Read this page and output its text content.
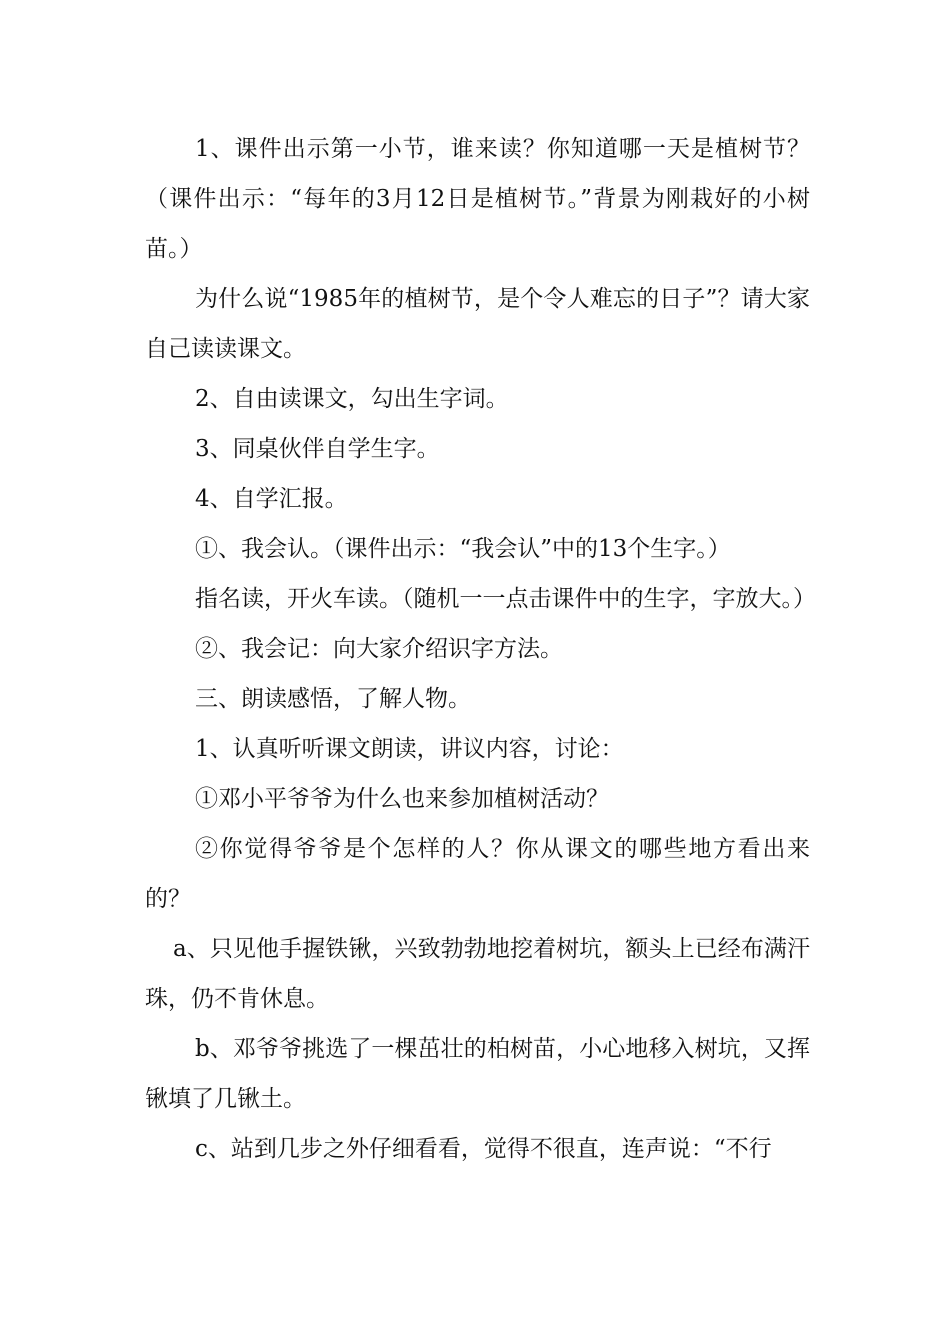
1、课件出示第一小节，谁来读？你知道哪一天是植树节？（课件出示：“每年的3月12日是植树节。”背景为刚栽好的小树苗。）

为什么说“1985年的植树节，是个令人难忘的日子”？请大家自己读读课文。

2、自由读课文，勾出生字词。

3、同桌伙伴自学生字。

4、自学汇报。

①、我会认。（课件出示：“我会认”中的13个生字。）

指名读，开火车读。（随机一一点击课件中的生字，字放大。）

②、我会记：向大家介绍识字方法。

三、朗读感悟，了解人物。

1、认真听听课文朗读，讲议内容，讨论：

①邓小平爷爷为什么也来参加植树活动？

②你觉得爷爷是个怎样的人？你从课文的哪些地方看出来的？

a、只见他手握铁锹，兴致勃勃地挖着树坑，额头上已经布满汗珠，仍不肯休息。

b、邓爷爷挑选了一棵茁壮的柏树苗，小心地移入树坑，又挥锹填了几锹土。

c、站到几步之外仔细看看，觉得不很直，连声说：“不行
